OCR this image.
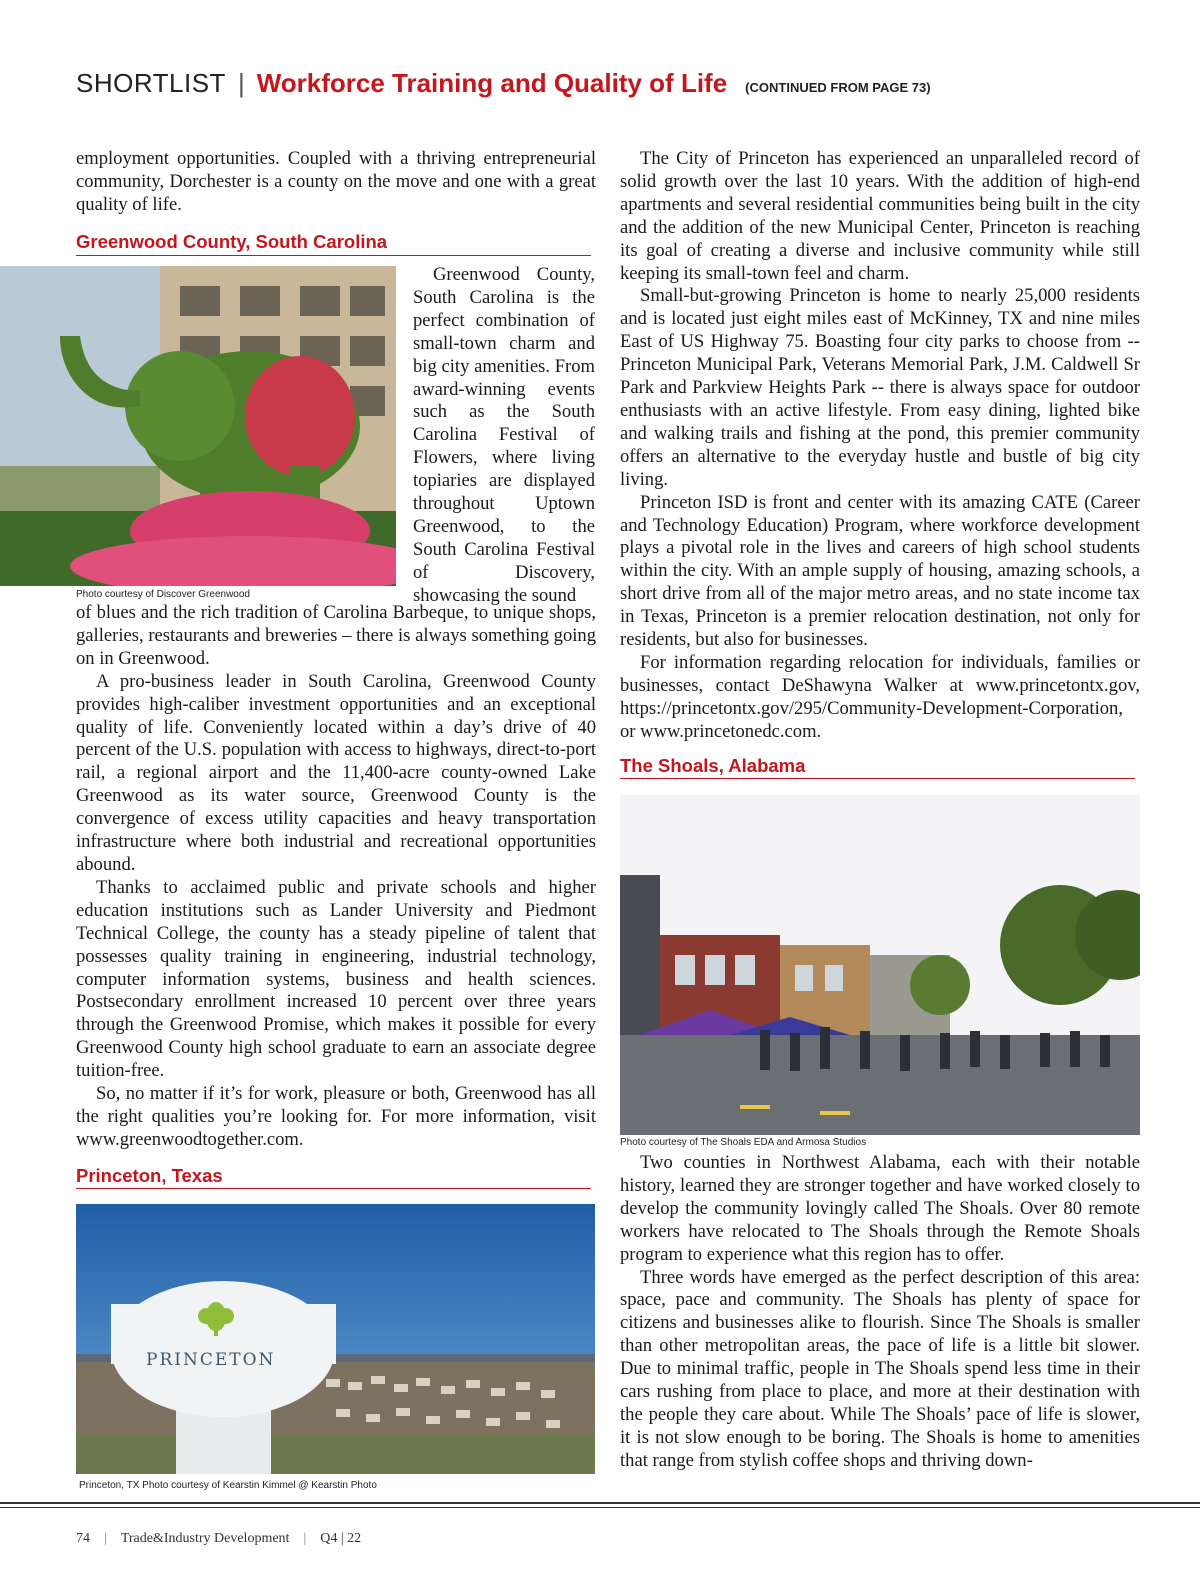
SHORTLIST | Workforce Training and Quality of Life (CONTINUED FROM PAGE 73)

employment opportunities. Coupled with a thriving entrepreneurial community, Dorchester is a county on the move and one with a great quality of life.

Greenwood County, South Carolina
Photo courtesy of Discover Greenwood

Greenwood County, South Carolina is the perfect combination of small-town charm and big city amenities. From award-winning events such as the South Carolina Festival of Flowers, where living topiaries are displayed throughout Uptown Greenwood, to the South Carolina Festival of Discovery, showcasing the sound

of blues and the rich tradition of Carolina Barbeque, to unique shops, galleries, restaurants and breweries – there is always something going on in Greenwood.

A pro-business leader in South Carolina, Greenwood County provides high-caliber investment opportunities and an exceptional quality of life. Conveniently located within a day’s drive of 40 percent of the U.S. population with access to highways, direct-to-port rail, a regional airport and the 11,400-acre county-owned Lake Greenwood as its water source, Greenwood County is the convergence of excess utility capacities and heavy transportation infrastructure where both industrial and recreational opportunities abound.

Thanks to acclaimed public and private schools and higher education institutions such as Lander University and Piedmont Technical College, the county has a steady pipeline of talent that possesses quality training in engineering, industrial technology, computer information systems, business and health sciences. Postsecondary enrollment increased 10 percent over three years through the Greenwood Promise, which makes it possible for every Greenwood County high school graduate to earn an associate degree tuition-free.

So, no matter if it’s for work, pleasure or both, Greenwood has all the right qualities you’re looking for. For more information, visit www.greenwoodtogether.com.

Princeton, Texas
PRINCETON
Princeton, TX Photo courtesy of Kearstin Kimmel @ Kearstin Photo

The City of Princeton has experienced an unparalleled record of solid growth over the last 10 years. With the addition of high-end apartments and several residential communities being built in the city and the addition of the new Municipal Center, Princeton is reaching its goal of creating a diverse and inclusive community while still keeping its small-town feel and charm.

Small-but-growing Princeton is home to nearly 25,000 residents and is located just eight miles east of McKinney, TX and nine miles East of US Highway 75. Boasting four city parks to choose from -- Princeton Municipal Park, Veterans Memorial Park, J.M. Caldwell Sr Park and Parkview Heights Park -- there is always space for outdoor enthusiasts with an active lifestyle. From easy dining, lighted bike and walking trails and fishing at the pond, this premier community offers an alternative to the everyday hustle and bustle of big city living.

Princeton ISD is front and center with its amazing CATE (Career and Technology Education) Program, where workforce development plays a pivotal role in the lives and careers of high school students within the city. With an ample supply of housing, amazing schools, a short drive from all of the major metro areas, and no state income tax in Texas, Princeton is a premier relocation destination, not only for residents, but also for businesses.

For information regarding relocation for individuals, families or businesses, contact DeShawyna Walker at www.princetontx.gov, https://princetontx.gov/295/Community-Development-Corporation, or www.princetonedc.com.

The Shoals, Alabama
Photo courtesy of The Shoals EDA and Armosa Studios

Two counties in Northwest Alabama, each with their notable history, learned they are stronger together and have worked closely to develop the community lovingly called The Shoals. Over 80 remote workers have relocated to The Shoals through the Remote Shoals program to experience what this region has to offer.

Three words have emerged as the perfect description of this area: space, pace and community. The Shoals has plenty of space for citizens and businesses alike to flourish. Since The Shoals is smaller than other metropolitan areas, the pace of life is a little bit slower. Due to minimal traffic, people in The Shoals spend less time in their cars rushing from place to place, and more at their destination with the people they care about. While The Shoals’ pace of life is slower, it is not slow enough to be boring. The Shoals is home to amenities that range from stylish coffee shops and thriving down-

74 | Trade&Industry Development | Q4 | 22
